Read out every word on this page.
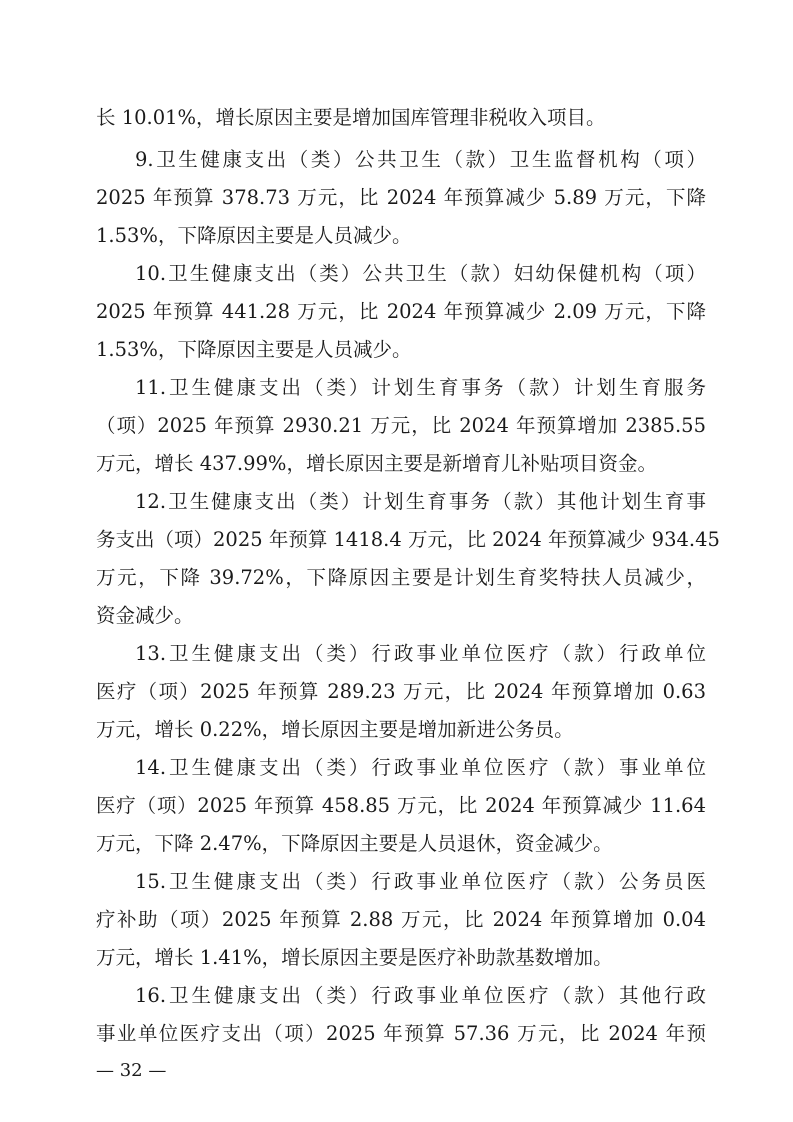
长 10.01%，增长原因主要是增加国库管理非税收入项目。
9.卫生健康支出（类）公共卫生（款）卫生监督机构（项）
2025 年预算 378.73 万元，比 2024 年预算减少 5.89 万元，下降
1.53%，下降原因主要是人员减少。
10.卫生健康支出（类）公共卫生（款）妇幼保健机构（项）
2025 年预算 441.28 万元，比 2024 年预算减少 2.09 万元，下降
1.53%，下降原因主要是人员减少。
11.卫生健康支出（类）计划生育事务（款）计划生育服务
（项）2025 年预算 2930.21 万元，比 2024 年预算增加 2385.55
万元，增长 437.99%，增长原因主要是新增育儿补贴项目资金。
12.卫生健康支出（类）计划生育事务（款）其他计划生育事
务支出（项）2025 年预算 1418.4 万元，比 2024 年预算减少 934.45
万元，下降 39.72%，下降原因主要是计划生育奖特扶人员减少，
资金减少。
13.卫生健康支出（类）行政事业单位医疗（款）行政单位
医疗（项）2025 年预算 289.23 万元，比 2024 年预算增加 0.63
万元，增长 0.22%，增长原因主要是增加新进公务员。
14.卫生健康支出（类）行政事业单位医疗（款）事业单位
医疗（项）2025 年预算 458.85 万元，比 2024 年预算减少 11.64
万元，下降 2.47%，下降原因主要是人员退休，资金减少。
15.卫生健康支出（类）行政事业单位医疗（款）公务员医
疗补助（项）2025 年预算 2.88 万元，比 2024 年预算增加 0.04
万元，增长 1.41%，增长原因主要是医疗补助款基数增加。
16.卫生健康支出（类）行政事业单位医疗（款）其他行政
事业单位医疗支出（项）2025 年预算 57.36 万元，比 2024 年预
— 32 —
